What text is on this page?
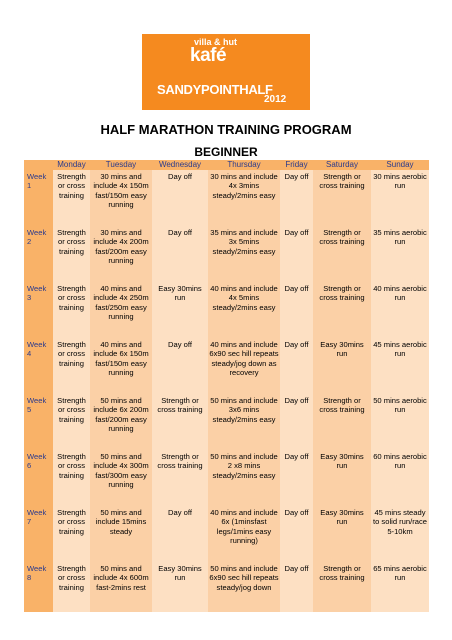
villa & hut
kafé
SANDYPOINTHALF
2012
HALF MARATHON TRAINING PROGRAM
BEGINNER
	Monday	Tuesday	Wednesday	Thursday	Friday	Saturday	Sunday
Week 1	Strength or cross training	30 mins and include 4x 150m fast/150m easy running	Day off	30 mins and include 4x 3mins steady/2mins easy	Day off	Strength or cross training	30 mins aerobic run
Week 2	Strength or cross training	30 mins and include 4x 200m fast/200m easy running	Day off	35 mins and include 3x 5mins steady/2mins easy	Day off	Strength or cross training	35 mins aerobic run
Week 3	Strength or cross training	40 mins and include 4x 250m fast/250m easy running	Easy 30mins run	40 mins and include 4x 5mins steady/2mins easy	Day off	Strength or cross training	40 mins aerobic run
Week 4	Strength or cross training	40 mins and include 6x 150m fast/150m easy running	Day off	40 mins and include 6x90 sec hill repeats steady/jog down as recovery	Day off	Easy 30mins run	45 mins aerobic run
Week 5	Strength or cross training	50 mins and include 6x 200m fast/200m easy running	Strength or cross training	50 mins and include 3x6 mins steady/2mins easy	Day off	Strength or cross training	50 mins aerobic run
Week 6	Strength or cross training	50 mins and include 4x 300m fast/300m easy running	Strength or cross training	50 mins and include 2 x8 mins steady/2mins easy	Day off	Easy 30mins run	60 mins aerobic run
Week 7	Strength or cross training	50 mins and include 15mins steady	Day off	40 mins and include 6x (1minsfast legs/1mins easy running)	Day off	Easy 30mins run	45 mins steady to solid run/race 5-10km
Week 8	Strength or cross training	50 mins and include 4x 600m fast-2mins rest	Easy 30mins run	50 mins and include 6x90 sec hill repeats steady/jog down	Day off	Strength or cross training	65 mins aerobic run
